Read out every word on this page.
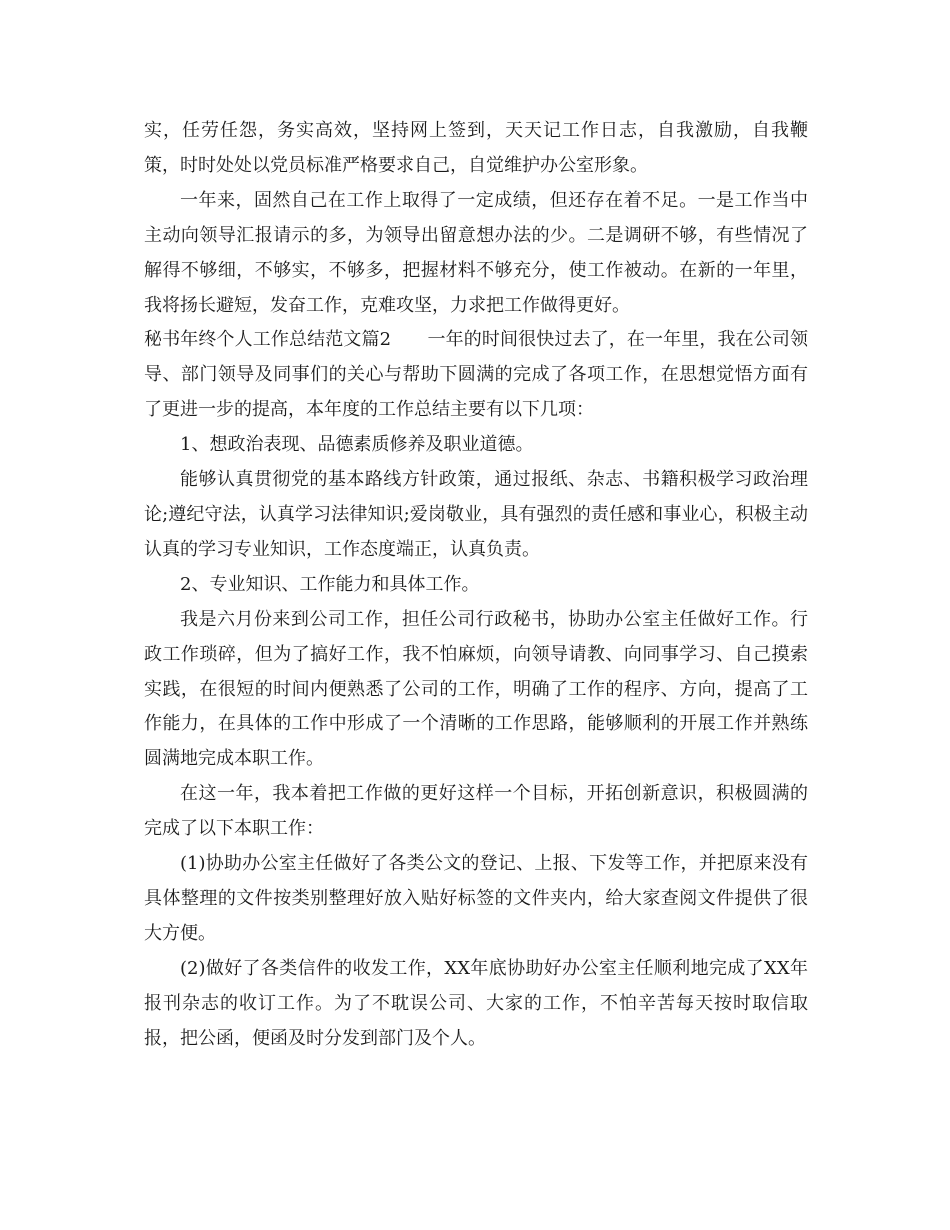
实，任劳任怨，务实高效，坚持网上签到，天天记工作日志，自我激励，自我鞭策，时时处处以党员标准严格要求自己，自觉维护办公室形象。

一年来，固然自己在工作上取得了一定成绩，但还存在着不足。一是工作当中主动向领导汇报请示的多，为领导出留意想办法的少。二是调研不够，有些情况了解得不够细，不够实，不够多，把握材料不够充分，使工作被动。在新的一年里，我将扬长避短，发奋工作，克难攻坚，力求把工作做得更好。

秘书年终个人工作总结范文篇2　　一年的时间很快过去了，在一年里，我在公司领导、部门领导及同事们的关心与帮助下圆满的完成了各项工作，在思想觉悟方面有了更进一步的提高，本年度的工作总结主要有以下几项：

1、想政治表现、品德素质修养及职业道德。

能够认真贯彻党的基本路线方针政策，通过报纸、杂志、书籍积极学习政治理论;遵纪守法，认真学习法律知识;爱岗敬业，具有强烈的责任感和事业心，积极主动认真的学习专业知识，工作态度端正，认真负责。

2、专业知识、工作能力和具体工作。

我是六月份来到公司工作，担任公司行政秘书，协助办公室主任做好工作。行政工作琐碎，但为了搞好工作，我不怕麻烦，向领导请教、向同事学习、自己摸索实践，在很短的时间内便熟悉了公司的工作，明确了工作的程序、方向，提高了工作能力，在具体的工作中形成了一个清晰的工作思路，能够顺利的开展工作并熟练圆满地完成本职工作。

在这一年，我本着把工作做的更好这样一个目标，开拓创新意识，积极圆满的完成了以下本职工作：

(1)协助办公室主任做好了各类公文的登记、上报、下发等工作，并把原来没有具体整理的文件按类别整理好放入贴好标签的文件夹内，给大家查阅文件提供了很大方便。

(2)做好了各类信件的收发工作，XX年底协助好办公室主任顺利地完成了XX年报刊杂志的收订工作。为了不耽误公司、大家的工作，不怕辛苦每天按时取信取报，把公函，便函及时分发到部门及个人。
